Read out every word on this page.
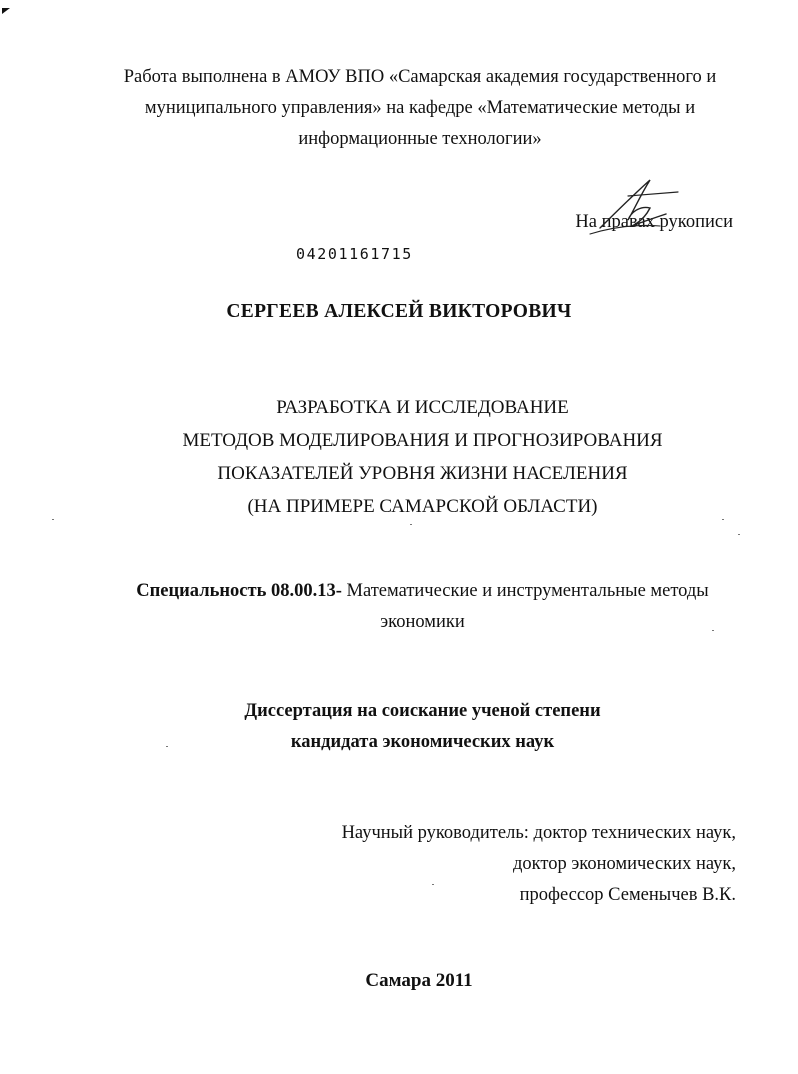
Работа выполнена в АМОУ ВПО «Самарская академия государственного и
муниципального управления» на кафедре «Математические методы и
информационные технологии»
На правах рукописи
04201161715
СЕРГЕЕВ АЛЕКСЕЙ ВИКТОРОВИЧ
РАЗРАБОТКА И ИССЛЕДОВАНИЕ
МЕТОДОВ МОДЕЛИРОВАНИЯ И ПРОГНОЗИРОВАНИЯ
ПОКАЗАТЕЛЕЙ УРОВНЯ ЖИЗНИ НАСЕЛЕНИЯ
(НА ПРИМЕРЕ САМАРСКОЙ ОБЛАСТИ)
Специальность 08.00.13- Математические и инструментальные методы
экономики
Диссертация на соискание ученой степени
кандидата экономических наук
Научный руководитель: доктор технических наук,
доктор экономических наук,
профессор Семенычев В.К.
Самара 2011
